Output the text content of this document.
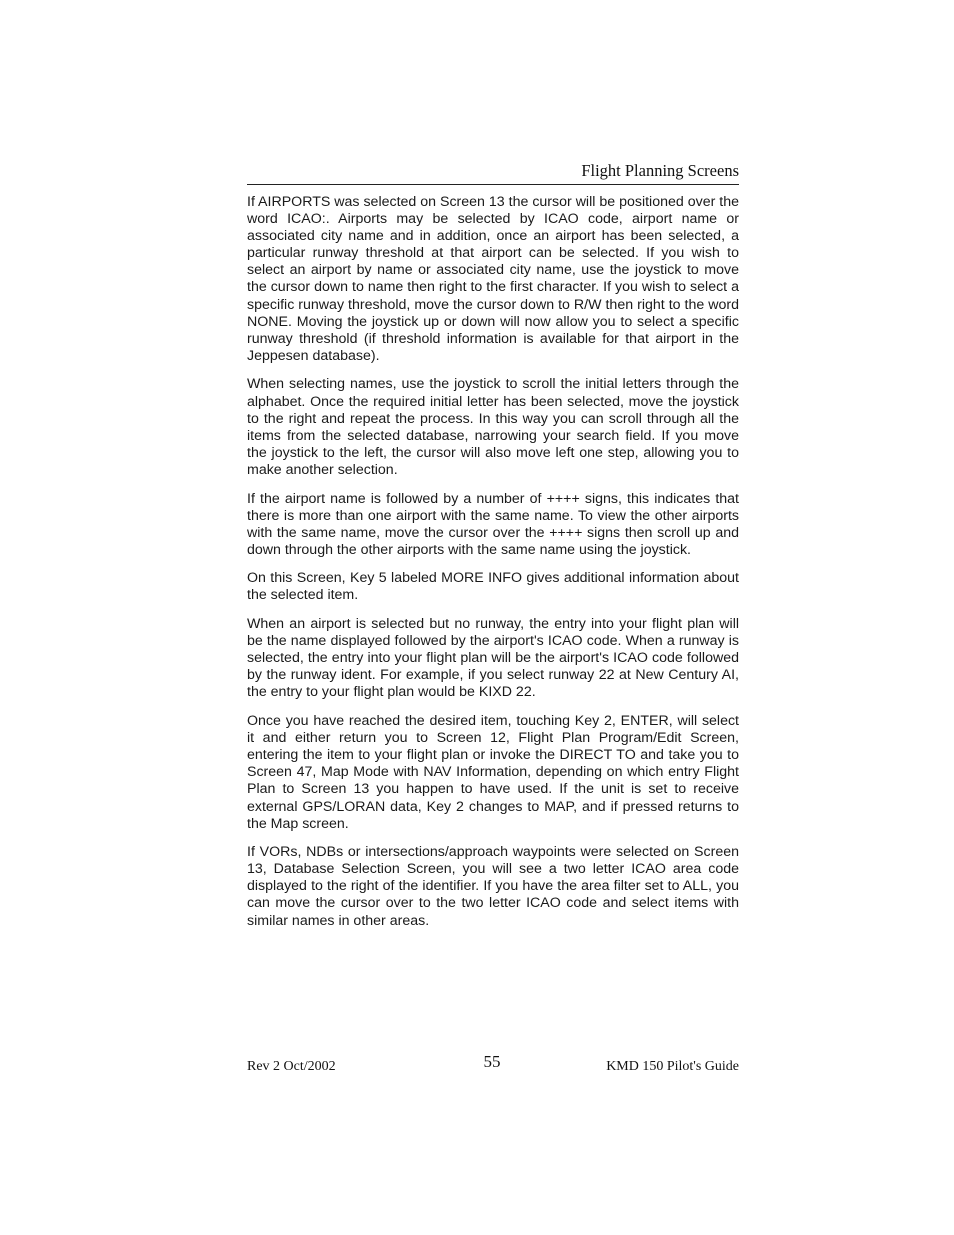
Flight Planning Screens

If AIRPORTS was selected on Screen 13 the cursor will be positioned over the word ICAO:. Airports may be selected by ICAO code, airport name or associated city name and in addition, once an airport has been selected, a particular runway threshold at that airport can be selected. If you wish to select an airport by name or associated city name, use the joystick to move the cursor down to name then right to the first character. If you wish to select a specific runway threshold, move the cursor down to R/W then right to the word NONE. Moving the joystick up or down will now allow you to select a specific runway threshold (if threshold information is available for that airport in the Jeppesen database).

When selecting names, use the joystick to scroll the initial letters through the alphabet. Once the required initial letter has been selected, move the joystick to the right and repeat the process. In this way you can scroll through all the items from the selected database, narrowing your search field. If you move the joystick to the left, the cursor will also move left one step, allowing you to make another selection.

If the airport name is followed by a number of ++++ signs, this indicates that there is more than one airport with the same name. To view the other airports with the same name, move the cursor over the ++++ signs then scroll up and down through the other airports with the same name using the joystick.

On this Screen, Key 5 labeled MORE INFO gives additional information about the selected item.

When an airport is selected but no runway, the entry into your flight plan will be the name displayed followed by the airport's ICAO code. When a runway is selected, the entry into your flight plan will be the airport's ICAO code followed by the runway ident. For example, if you select runway 22 at New Century AI, the entry to your flight plan would be KIXD 22.

Once you have reached the desired item, touching Key 2, ENTER, will select it and either return you to Screen 12, Flight Plan Program/Edit Screen, entering the item to your flight plan or invoke the DIRECT TO and take you to Screen 47, Map Mode with NAV Information, depending on which entry Flight Plan to Screen 13 you happen to have used. If the unit is set to receive external GPS/LORAN data, Key 2 changes to MAP, and if pressed returns to the Map screen.

If VORs, NDBs or intersections/approach waypoints were selected on Screen 13, Database Selection Screen, you will see a two letter ICAO area code displayed to the right of the identifier. If you have the area filter set to ALL, you can move the cursor over to the two letter ICAO code and select items with similar names in other areas.

Rev 2 Oct/2002	55	KMD 150 Pilot's Guide
